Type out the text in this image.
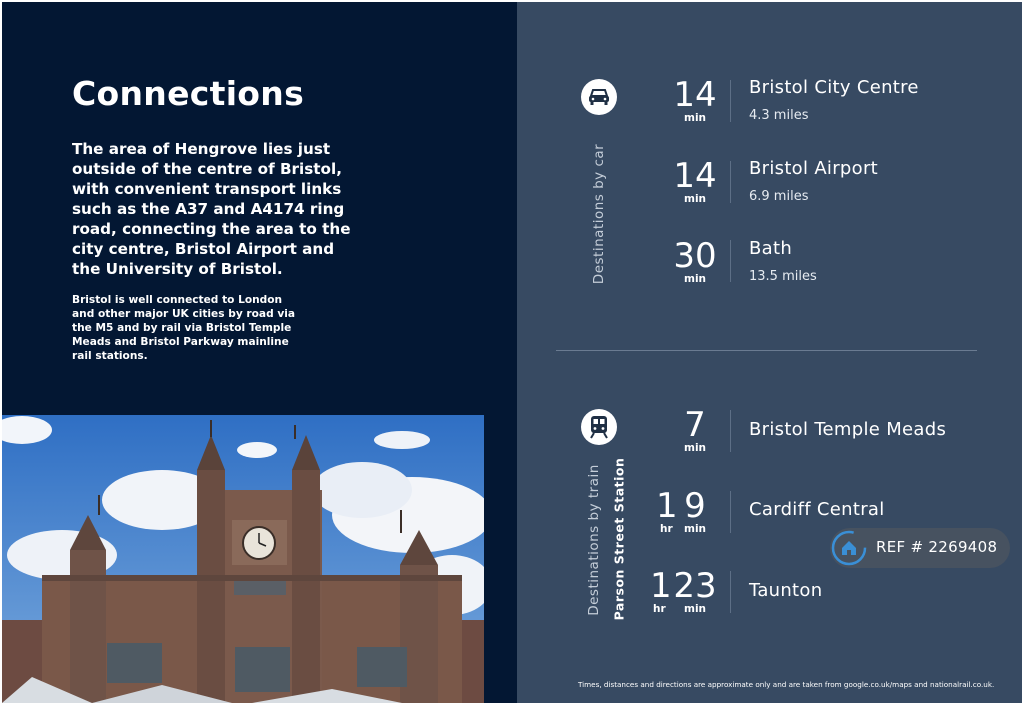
Connections

The area of Hengrove lies just outside of the centre of Bristol, with convenient transport links such as the A37 and A4174 ring road, connecting the area to the city centre, Bristol Airport and the University of Bristol.

Bristol is well connected to London and other major UK cities by road via the M5 and by rail via Bristol Temple Meads and Bristol Parkway mainline rail stations.

Destinations by car
14
min
Bristol City Centre
4.3 miles
14
min
Bristol Airport
6.9 miles
30
min
Bath
13.5 miles
Destinations by train Parson Street Station
7
min
Bristol Temple Meads
1
hr
9
min
Cardiff Central
1
hr
23
min
Taunton
Times, distances and directions are approximate only and are taken from google.co.uk/maps and nationalrail.co.uk.
REF # 2269408
